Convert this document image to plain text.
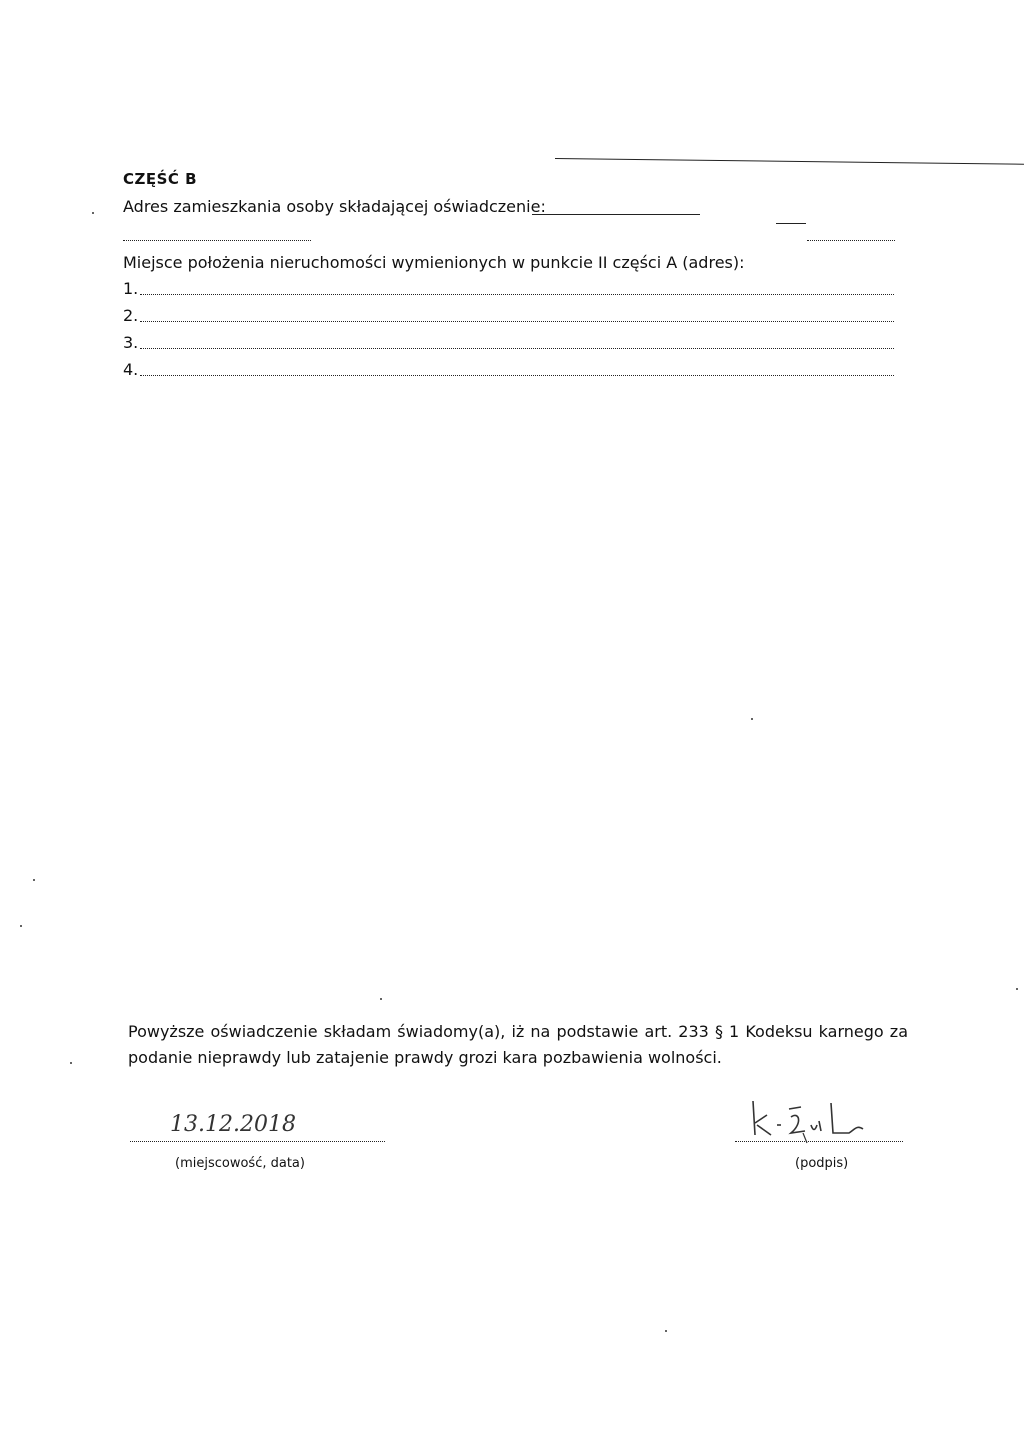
CZĘŚĆ B
Adres zamieszkania osoby składającej oświadczenie:
Miejsce położenia nieruchomości wymienionych w punkcie II części A (adres):
1.
2.
3.
4.
Powyższe oświadczenie składam świadomy(a), iż na podstawie art. 233 § 1 Kodeksu karnego za podanie nieprawdy lub zatajenie prawdy grozi kara pozbawienia wolności.
13.12.2018
(miejscowość, data)	(podpis)
